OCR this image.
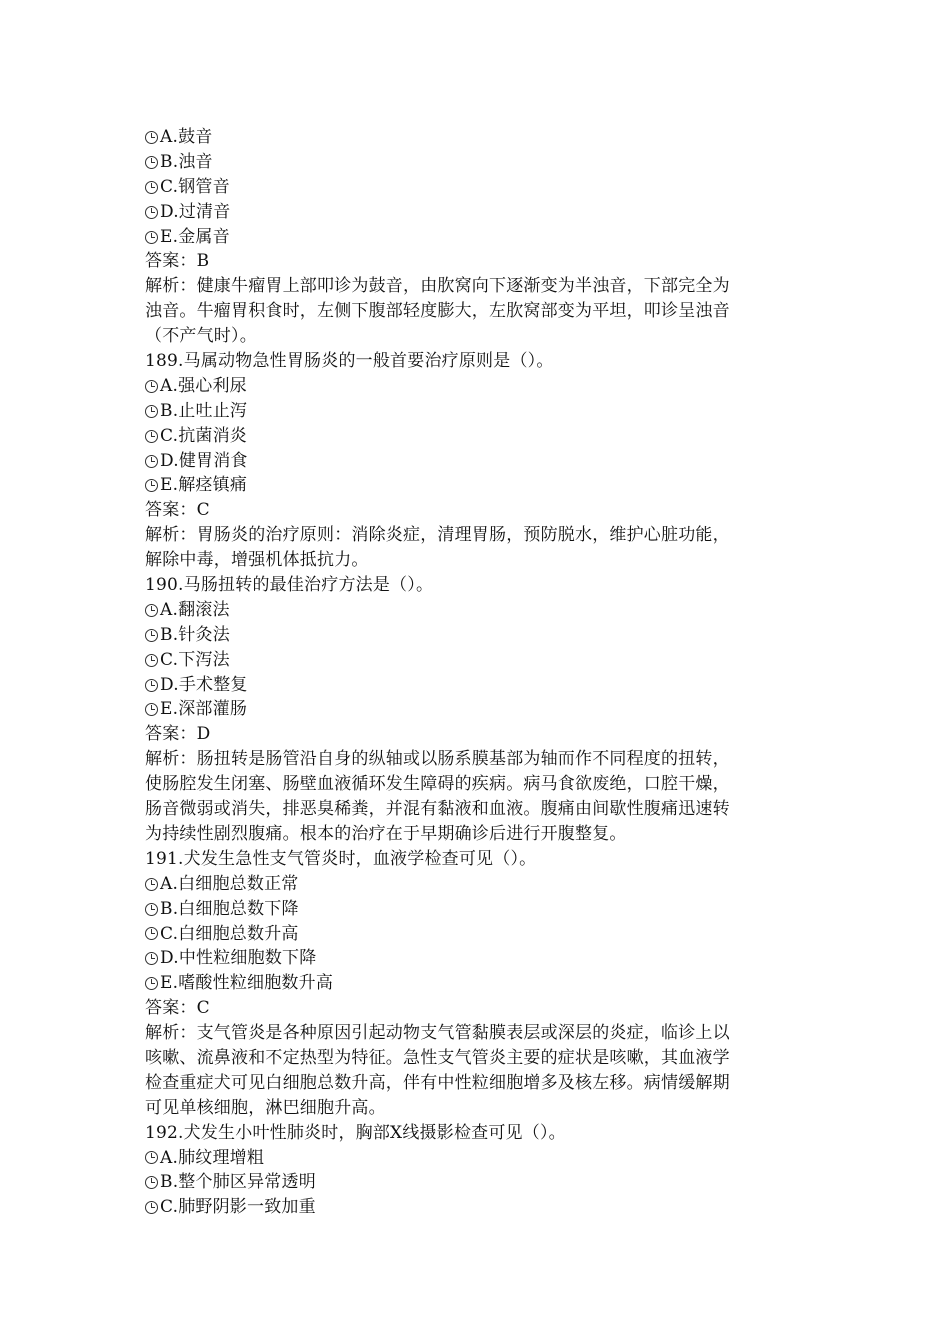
A.鼓音
B.浊音
C.钢管音
D.过清音
E.金属音
答案：B
解析：健康牛瘤胃上部叩诊为鼓音，由肷窝向下逐渐变为半浊音，下部完全为
浊音。牛瘤胃积食时，左侧下腹部轻度膨大，左肷窝部变为平坦，叩诊呈浊音
（不产气时）。
189.马属动物急性胃肠炎的一般首要治疗原则是（）。
A.强心利尿
B.止吐止泻
C.抗菌消炎
D.健胃消食
E.解痉镇痛
答案：C
解析：胃肠炎的治疗原则：消除炎症，清理胃肠，预防脱水，维护心脏功能，
解除中毒，增强机体抵抗力。
190.马肠扭转的最佳治疗方法是（）。
A.翻滚法
B.针灸法
C.下泻法
D.手术整复
E.深部灌肠
答案：D
解析：肠扭转是肠管沿自身的纵轴或以肠系膜基部为轴而作不同程度的扭转，
使肠腔发生闭塞、肠壁血液循环发生障碍的疾病。病马食欲废绝，口腔干燥，
肠音微弱或消失，排恶臭稀粪，并混有黏液和血液。腹痛由间歇性腹痛迅速转
为持续性剧烈腹痛。根本的治疗在于早期确诊后进行开腹整复。
191.犬发生急性支气管炎时，血液学检查可见（）。
A.白细胞总数正常
B.白细胞总数下降
C.白细胞总数升高
D.中性粒细胞数下降
E.嗜酸性粒细胞数升高
答案：C
解析：支气管炎是各种原因引起动物支气管黏膜表层或深层的炎症，临诊上以
咳嗽、流鼻液和不定热型为特征。急性支气管炎主要的症状是咳嗽，其血液学
检查重症犬可见白细胞总数升高，伴有中性粒细胞增多及核左移。病情缓解期
可见单核细胞，淋巴细胞升高。
192.犬发生小叶性肺炎时，胸部X线摄影检查可见（）。
A.肺纹理增粗
B.整个肺区异常透明
C.肺野阴影一致加重
